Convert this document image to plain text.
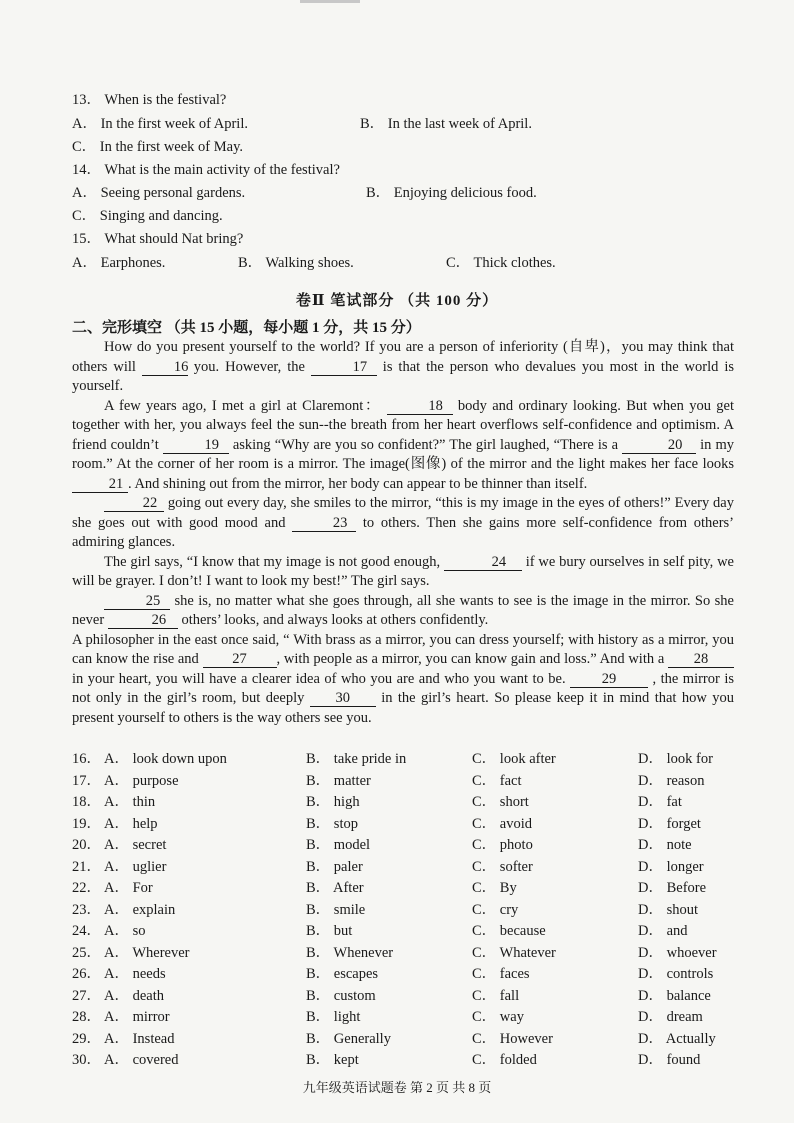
13． When is the festival?
A． In the first week of April.	B． In the last week of April.
C． In the first week of May.
14． What is the main activity of the festival?
A． Seeing personal gardens.	B． Enjoying delicious food.
C． Singing and dancing.
15． What should Nat bring?
A． Earphones.	B． Walking shoes.	C． Thick clothes.
卷Ⅱ 笔试部分 （共 100 分）
二、完形填空 （共 15 小题，每小题 1 分，共 15 分）

How do you present yourself to the world? If you are a person of inferiority (自卑)，you may think that others will 16 you. However, the	17 is that the person who devalues you most in the world is yourself.

A few years ago, I met a girl at Claremont：	18 body and ordinary looking. But when you get together with her, you always feel the sun--the breath from her heart overflows self-confidence and optimism. A friend couldn’t	19 asking “Why are you so confident?” The girl laughed, “There is a	20 in my room.” At the corner of her room is a mirror. The image(图像) of the mirror and the light makes her face looks 21 . And shining out from the mirror, her body can appear to be thinner than itself.

22 going out every day, she smiles to the mirror, “this is my image in the eyes of others!” Every day she goes out with good mood and	23 to others. Then she gains more self-confidence from others’ admiring glances.

The girl says, “I know that my image is not good enough,	24 if we bury ourselves in self pity, we will be grayer. I don’t! I want to look my best!” The girl says.

25 she is, no matter what she goes through, all she wants to see is the image in the mirror. So she never	26 others’ looks, and always looks at others confidently.

A philosopher in the east once said, “ With brass as a mirror, you can dress yourself; with history as a mirror, you can know the rise and 27 , with people as a mirror, you can know gain and loss.” And with a 28 in your heart, you will have a clearer idea of who you are and who you want to be. 29 , the mirror is not only in the girl’s room, but deeply 30 in the girl’s heart. So please keep it in mind that how you present yourself to others is the way others see you.

16． A． look down upon	B． take pride in	C． look after	D． look for
17． A． purpose	B． matter	C． fact	D． reason
18． A． thin	B． high	C． short	D． fat
19． A． help	B． stop	C． avoid	D． forget
20． A． secret	B． model	C． photo	D． note
21． A． uglier	B． paler	C． softer	D． longer
22． A． For	B． After	C． By	D． Before
23． A． explain	B． smile	C． cry	D． shout
24． A． so	B． but	C． because	D． and
25． A． Wherever	B． Whenever	C． Whatever	D． whoever
26． A． needs	B． escapes	C． faces	D． controls
27． A． death	B． custom	C． fall	D． balance
28． A． mirror	B． light	C． way	D． dream
29． A． Instead	B． Generally	C． However	D． Actually
30． A． covered	B． kept	C． folded	D． found
九年级英语试题卷 第 2 页 共 8 页
